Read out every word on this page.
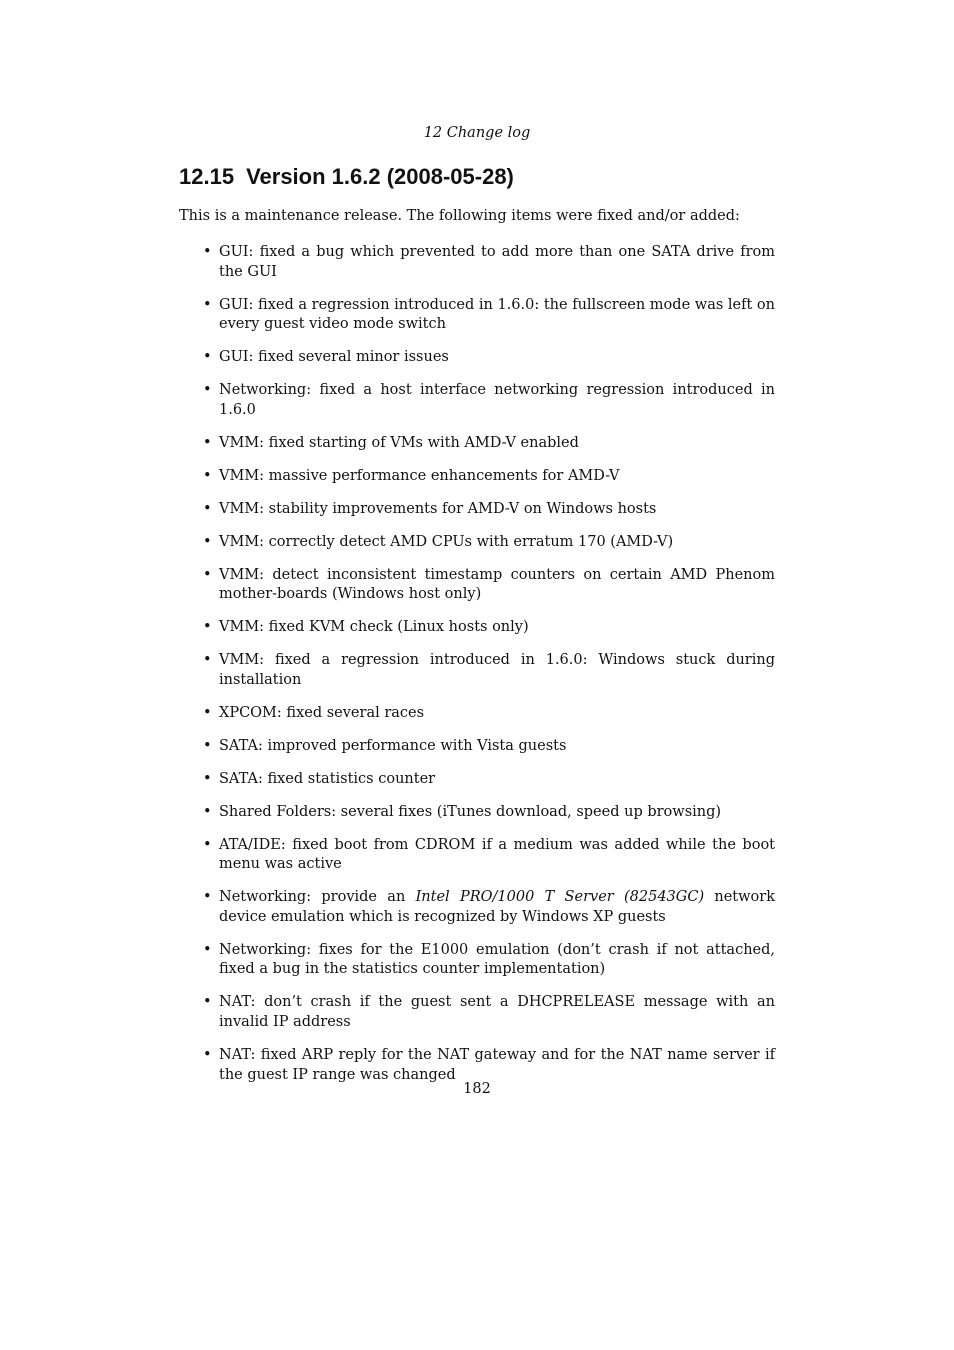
12 Change log
12.15 Version 1.6.2 (2008-05-28)

This is a maintenance release. The following items were fixed and/or added:

• GUI: fixed a bug which prevented to add more than one SATA drive from the GUI
• GUI: fixed a regression introduced in 1.6.0: the fullscreen mode was left on every guest video mode switch
• GUI: fixed several minor issues
• Networking: fixed a host interface networking regression introduced in 1.6.0
• VMM: fixed starting of VMs with AMD-V enabled
• VMM: massive performance enhancements for AMD-V
• VMM: stability improvements for AMD-V on Windows hosts
• VMM: correctly detect AMD CPUs with erratum 170 (AMD-V)
• VMM: detect inconsistent timestamp counters on certain AMD Phenom mother-boards (Windows host only)
• VMM: fixed KVM check (Linux hosts only)
• VMM: fixed a regression introduced in 1.6.0: Windows stuck during installation
• XPCOM: fixed several races
• SATA: improved performance with Vista guests
• SATA: fixed statistics counter
• Shared Folders: several fixes (iTunes download, speed up browsing)
• ATA/IDE: fixed boot from CDROM if a medium was added while the boot menu was active
• Networking: provide an Intel PRO/1000 T Server (82543GC) network device emulation which is recognized by Windows XP guests
• Networking: fixes for the E1000 emulation (don’t crash if not attached, fixed a bug in the statistics counter implementation)
• NAT: don’t crash if the guest sent a DHCPRELEASE message with an invalid IP address
• NAT: fixed ARP reply for the NAT gateway and for the NAT name server if the guest IP range was changed
182
